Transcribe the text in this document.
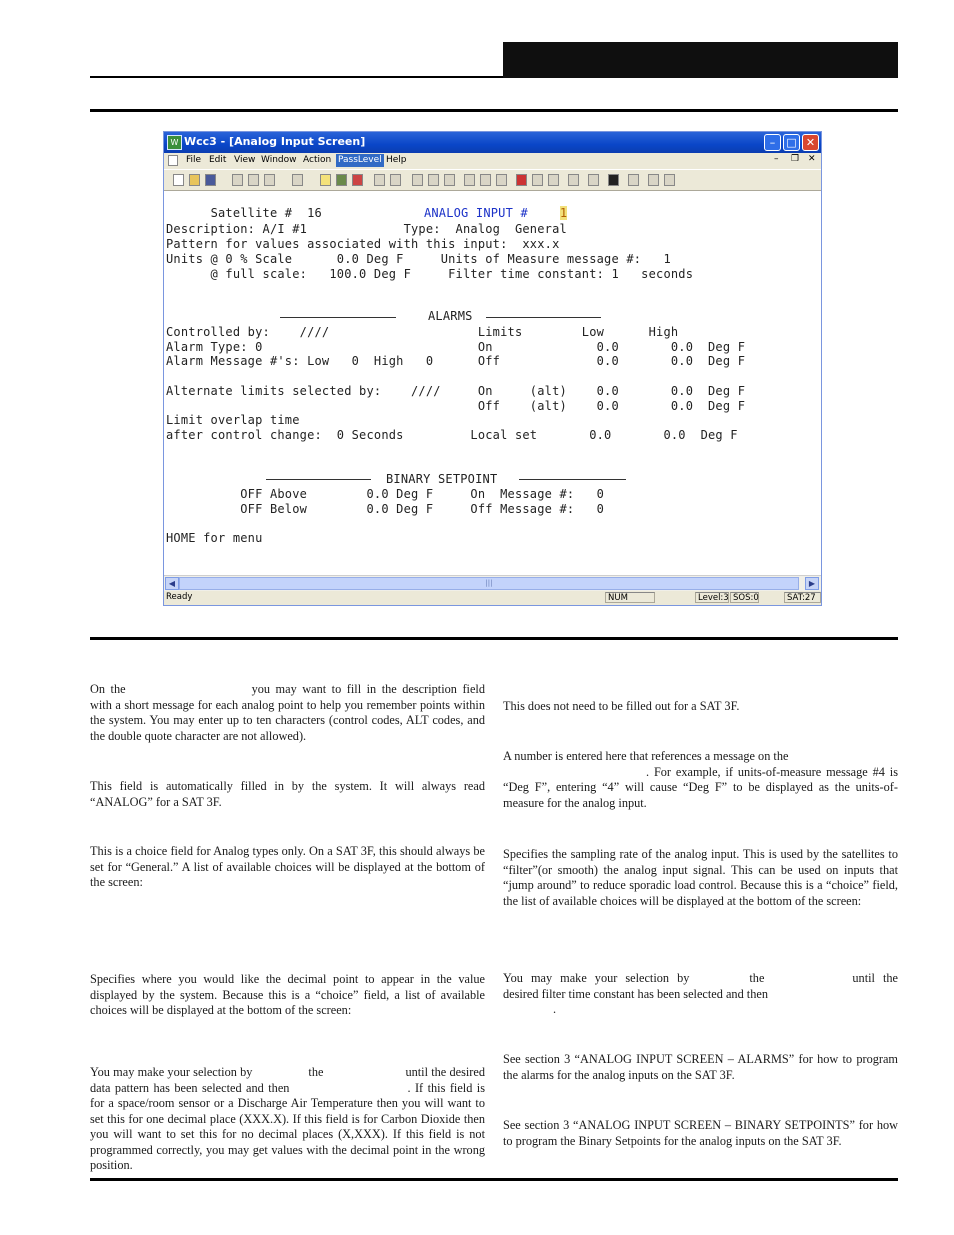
W Wcc3 - [Analog Input Screen]	–	□ ✕
File Edit View Window Action PassLevel Help	– ❐ ✕

Satellite #  16	ANALOG INPUT #	1

Description: A/I #1             Type:  Analog  General
Pattern for values associated with this input:  xxx.x
Units @ 0 % Scale      0.0 Deg F     Units of Measure message #:   1
@ full scale:   100.0 Deg F     Filter time constant: 1   seconds
ALARMS
Controlled by:    ////                    Limits        Low      High
Alarm Type: 0                             On              0.0       0.0  Deg F
Alarm Message #'s: Low   0  High   0      Off             0.0       0.0  Deg F
Alternate limits selected by:    ////     On     (alt)    0.0       0.0  Deg F
Off    (alt)    0.0       0.0  Deg F
Limit overlap time
after control change:  0 Seconds         Local set       0.0       0.0  Deg F
BINARY SETPOINT
OFF Above        0.0 Deg F     On  Message #:   0
OFF Below        0.0 Deg F     Off Message #:   0
HOME for menu
◀	|||	▶
Ready	NUM	Level:3 SOS:0	SAT:27
On the	you may want to fill in the description field with a short message for each analog point to help you remember points within the system. You may enter up to ten characters (control codes, ALT codes, and the double quote character are not allowed).
This field is automatically filled in by the system. It will always read “ANALOG” for a SAT 3F.
This is a choice field for Analog types only. On a SAT 3F, this should always be set for “General.” A list of available choices will be displayed at the bottom of the screen:
Specifies where you would like the decimal point to appear in the value displayed by the system. Because this is a “choice” field, a list of available choices will be displayed at the bottom of the screen:
You may make your selection by	the	until the desired data pattern has been selected and then	. If this field is for a space/room sensor or a Discharge Air Temperature then you will want to set this for one decimal place (XXX.X). If this field is for Carbon Dioxide then you will want to set this for no decimal places (X,XXX). If this field is not programmed correctly, you may get values with the decimal point in the wrong position.
This does not need to be filled out for a SAT 3F.
A number is entered here that references a message on the
. For example, if units-of-measure message #4 is “Deg F”, entering “4” will cause “Deg F” to be displayed as the units-of-measure for the analog input.
Specifies the sampling rate of the analog input. This is used by the satellites to “filter”(or smooth) the analog input signal. This can be used on inputs that “jump around” to reduce sporadic load control. Because this is a “choice” field, the list of available choices will be displayed at the bottom of the screen:
You may make your selection by	the	until the desired filter time constant has been selected and then
.
See section 3 “ANALOG INPUT SCREEN – ALARMS” for how to program the alarms for the analog inputs on the SAT 3F.
See section 3 “ANALOG INPUT SCREEN – BINARY SETPOINTS” for how to program the Binary Setpoints for the analog inputs on the SAT 3F.
